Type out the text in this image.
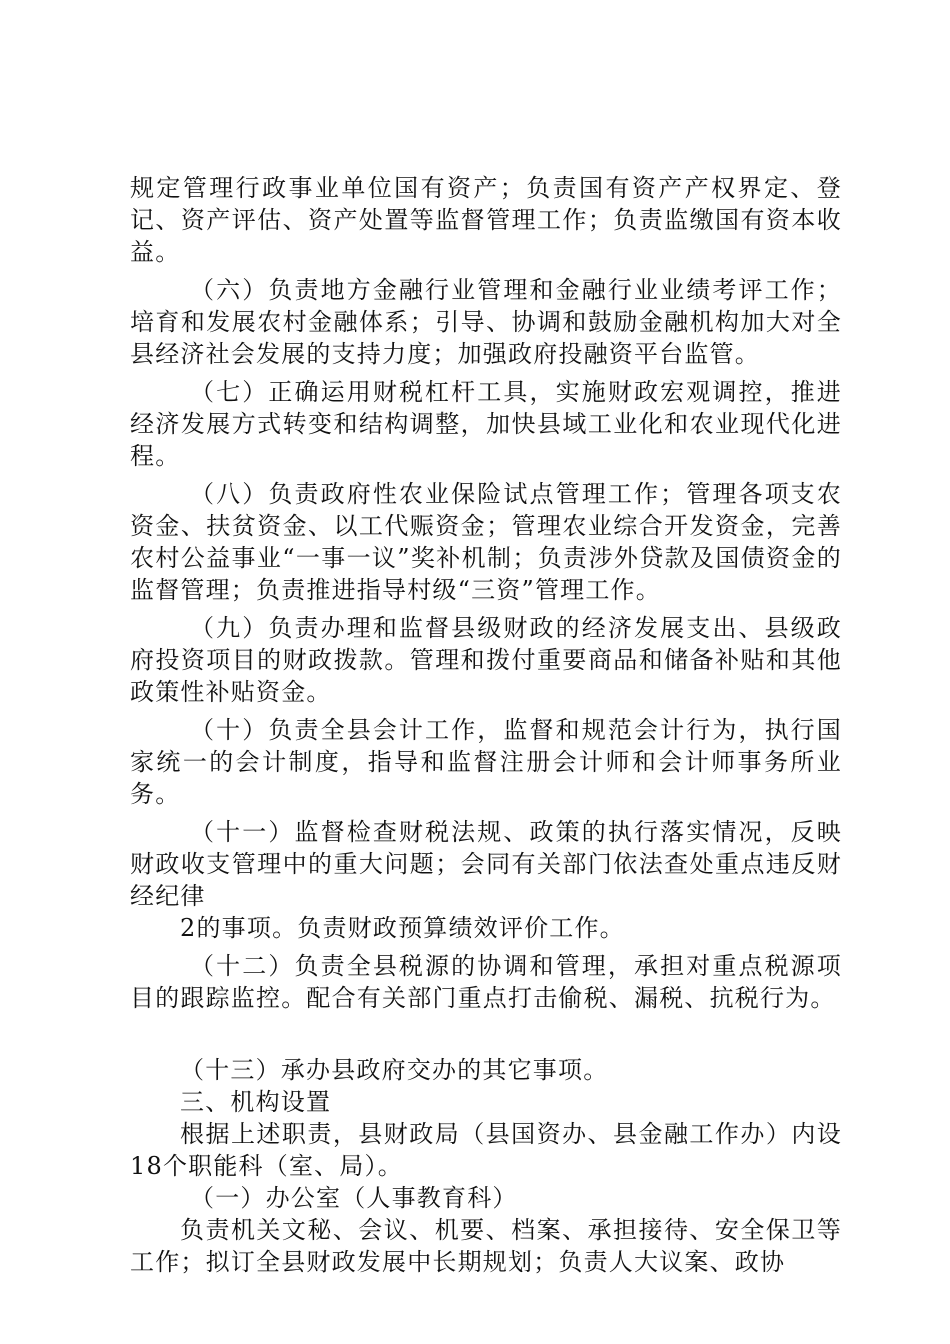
规定管理行政事业单位国有资产；负责国有资产产权界定、登记、资产评估、资产处置等监督管理工作；负责监缴国有资本收益。

（六）负责地方金融行业管理和金融行业业绩考评工作；培育和发展农村金融体系；引导、协调和鼓励金融机构加大对全县经济社会发展的支持力度；加强政府投融资平台监管。

（七）正确运用财税杠杆工具，实施财政宏观调控，推进经济发展方式转变和结构调整，加快县域工业化和农业现代化进程。

（八）负责政府性农业保险试点管理工作；管理各项支农资金、扶贫资金、以工代赈资金；管理农业综合开发资金，完善农村公益事业“一事一议”奖补机制；负责涉外贷款及国债资金的监督管理；负责推进指导村级“三资”管理工作。

（九）负责办理和监督县级财政的经济发展支出、县级政府投资项目的财政拨款。管理和拨付重要商品和储备补贴和其他政策性补贴资金。

（十）负责全县会计工作，监督和规范会计行为，执行国家统一的会计制度，指导和监督注册会计师和会计师事务所业务。

（十一）监督检查财税法规、政策的执行落实情况，反映财政收支管理中的重大问题；会同有关部门依法查处重点违反财经纪律

2的事项。负责财政预算绩效评价工作。

（十二）负责全县税源的协调和管理，承担对重点税源项目的跟踪监控。配合有关部门重点打击偷税、漏税、抗税行为。

（十三）承办县政府交办的其它事项。

三、机构设置

根据上述职责，县财政局（县国资办、县金融工作办）内设18个职能科（室、局）。

（一）办公室（人事教育科）

负责机关文秘、会议、机要、档案、承担接待、安全保卫等工作；拟订全县财政发展中长期规划；负责人大议案、政协
